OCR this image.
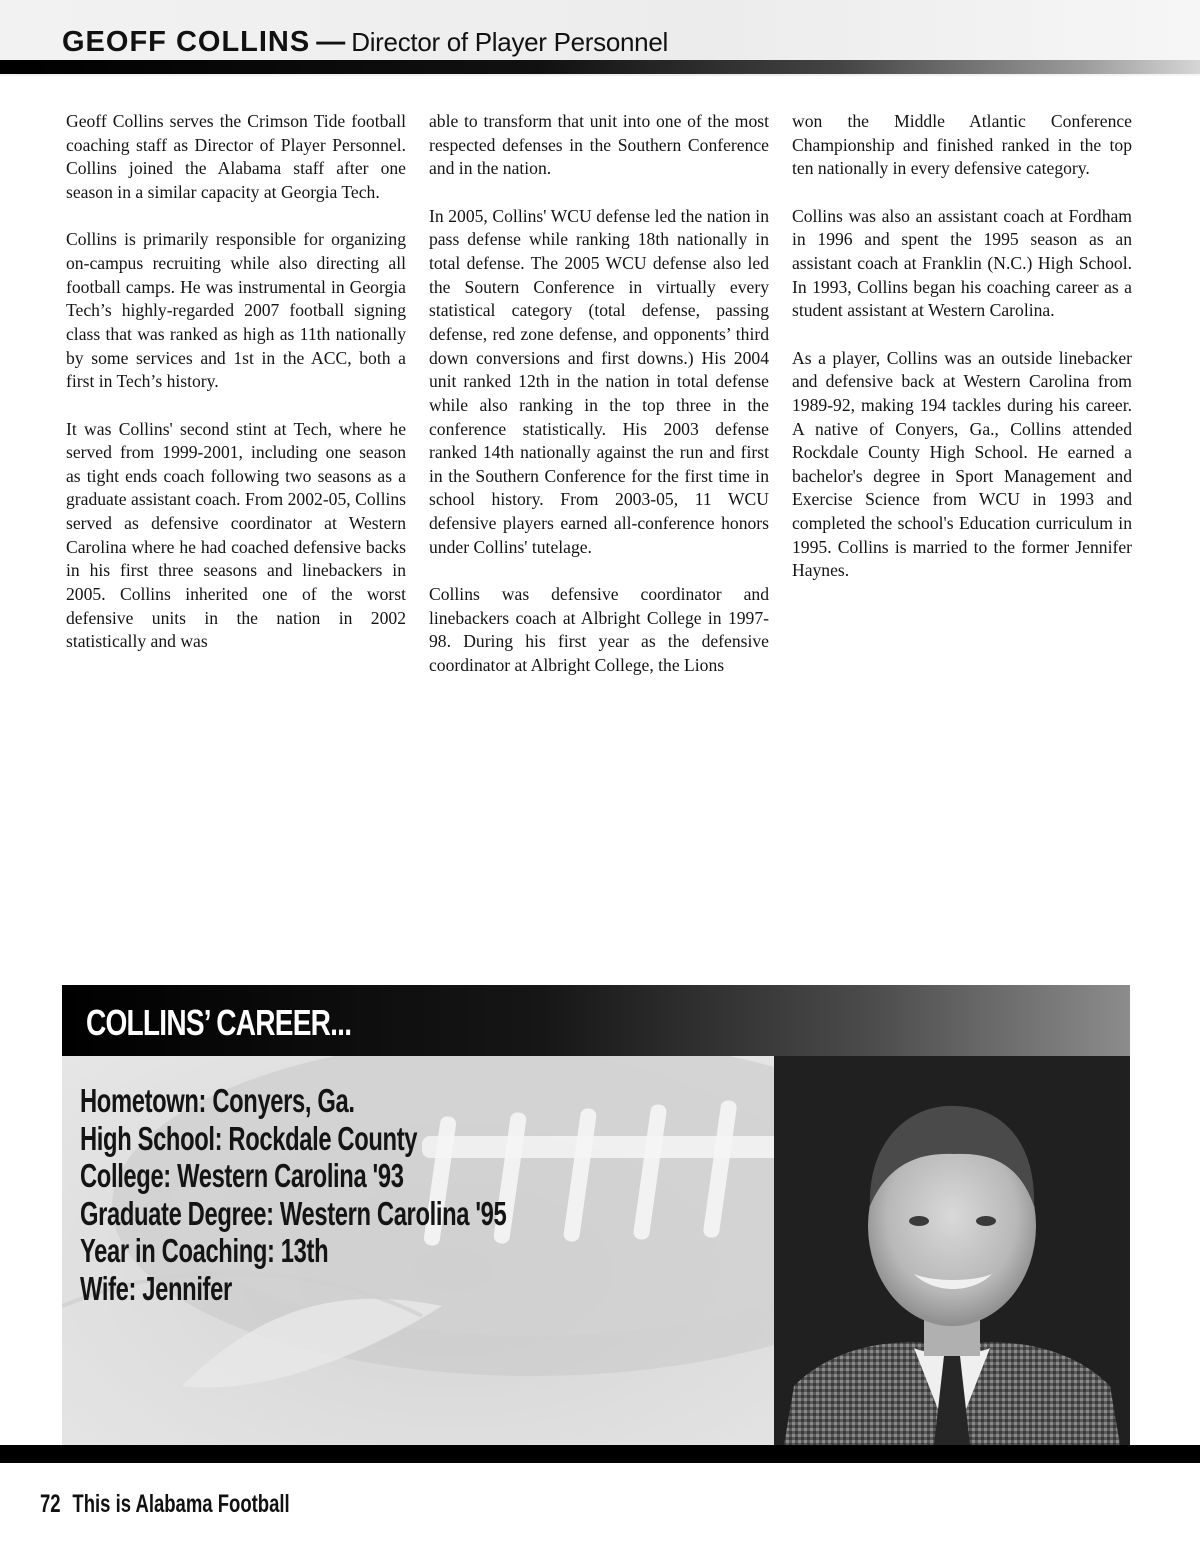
GEOFF COLLINS — Director of Player Personnel

Geoff Collins serves the Crimson Tide football coaching staff as Director of Player Personnel. Collins joined the Alabama staff after one season in a similar capacity at Georgia Tech.

Collins is primarily responsible for organizing on-campus recruiting while also directing all football camps. He was instrumental in Georgia Tech’s highly-regarded 2007 football signing class that was ranked as high as 11th nationally by some services and 1st in the ACC, both a first in Tech’s history.

It was Collins' second stint at Tech, where he served from 1999-2001, including one season as tight ends coach following two seasons as a graduate assistant coach. From 2002-05, Collins served as defensive coordinator at Western Carolina where he had coached defensive backs in his first three seasons and linebackers in 2005. Collins inherited one of the worst defensive units in the nation in 2002 statistically and was

able to transform that unit into one of the most respected defenses in the Southern Conference and in the nation.

In 2005, Collins' WCU defense led the nation in pass defense while ranking 18th nationally in total defense. The 2005 WCU defense also led the Soutern Conference in virtually every statistical category (total defense, passing defense, red zone defense, and opponents’ third down conversions and first downs.) His 2004 unit ranked 12th in the nation in total defense while also ranking in the top three in the conference statistically. His 2003 defense ranked 14th nationally against the run and first in the Southern Conference for the first time in school history. From 2003-05, 11 WCU defensive players earned all-conference honors under Collins' tutelage.

Collins was defensive coordinator and linebackers coach at Albright College in 1997-98. During his first year as the defensive coordinator at Albright College, the Lions

won the Middle Atlantic Conference Championship and finished ranked in the top ten nationally in every defensive category.

Collins was also an assistant coach at Fordham in 1996 and spent the 1995 season as an assistant coach at Franklin (N.C.) High School. In 1993, Collins began his coaching career as a student assistant at Western Carolina.

As a player, Collins was an outside linebacker and defensive back at Western Carolina from 1989-92, making 194 tackles during his career. A native of Conyers, Ga., Collins attended Rockdale County High School. He earned a bachelor's degree in Sport Management and Exercise Science from WCU in 1993 and completed the school's Education curriculum in 1995. Collins is married to the former Jennifer Haynes.

COLLINS’ CAREER...
Hometown: Conyers, Ga.
High School: Rockdale County
College: Western Carolina '93
Graduate Degree: Western Carolina '95
Year in Coaching: 13th
Wife: Jennifer
72 This is Alabama Football
